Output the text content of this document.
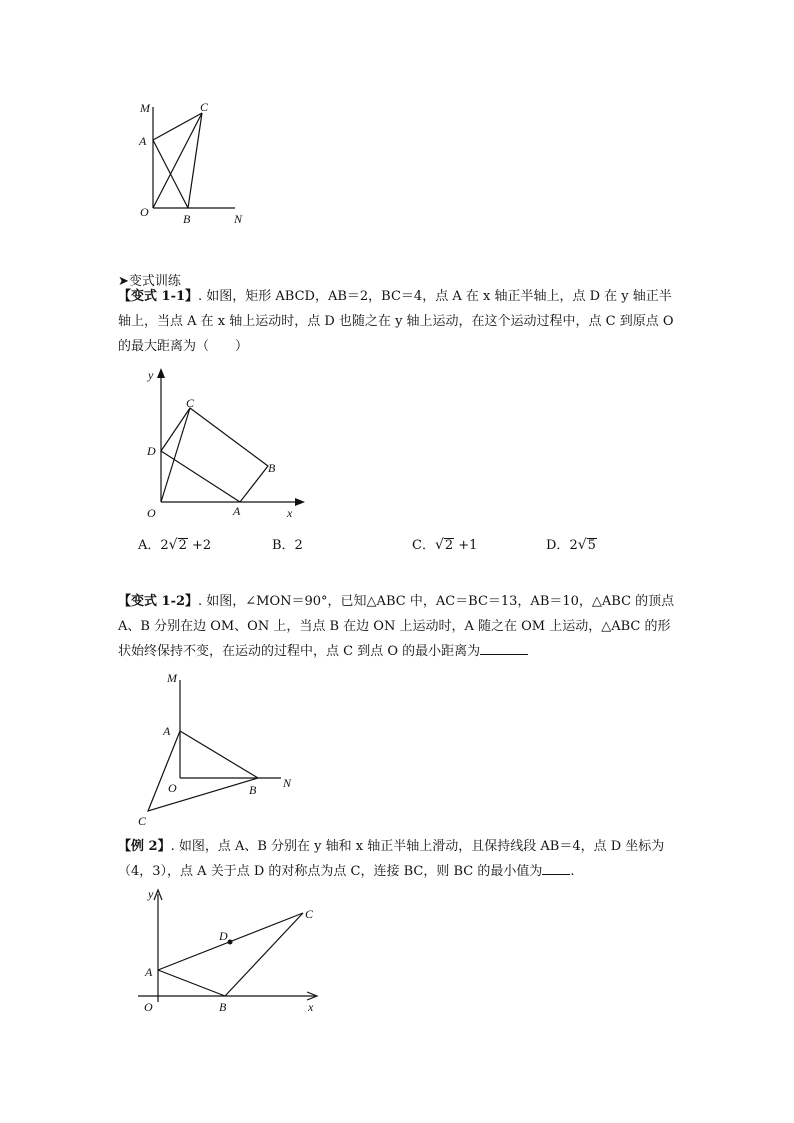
M	C
A
O	B	N
➤变式训练

【变式 1-1】. 如图，矩形 ABCD，AB＝2，BC＝4，点 A 在 x 轴正半轴上，点 D 在 y 轴正半轴上，当点 A 在 x 轴上运动时，点 D 也随之在 y 轴上运动，在这个运动过程中，点 C 到原点 O 的最大距离为（　　）

y
x
C
D
B
O	A
A．2√2 +2	B．2	C．√2 +1	D．2√5

【变式 1-2】. 如图，∠MON＝90°，已知△ABC 中，AC＝BC＝13，AB＝10，△ABC 的顶点 A、B 分别在边 OM、ON 上，当点 B 在边 ON 上运动时，A 随之在 OM 上运动，△ABC 的形状始终保持不变，在运动的过程中，点 C 到点 O 的最小距离为

M
A
O	B N
C

【例 2】. 如图，点 A、B 分别在 y 轴和 x 轴正半轴上滑动，且保持线段 AB＝4，点 D 坐标为（4，3），点 A 关于点 D 的对称点为点 C，连接 BC，则 BC 的最小值为 .

y
D
C
A
O	B	x
